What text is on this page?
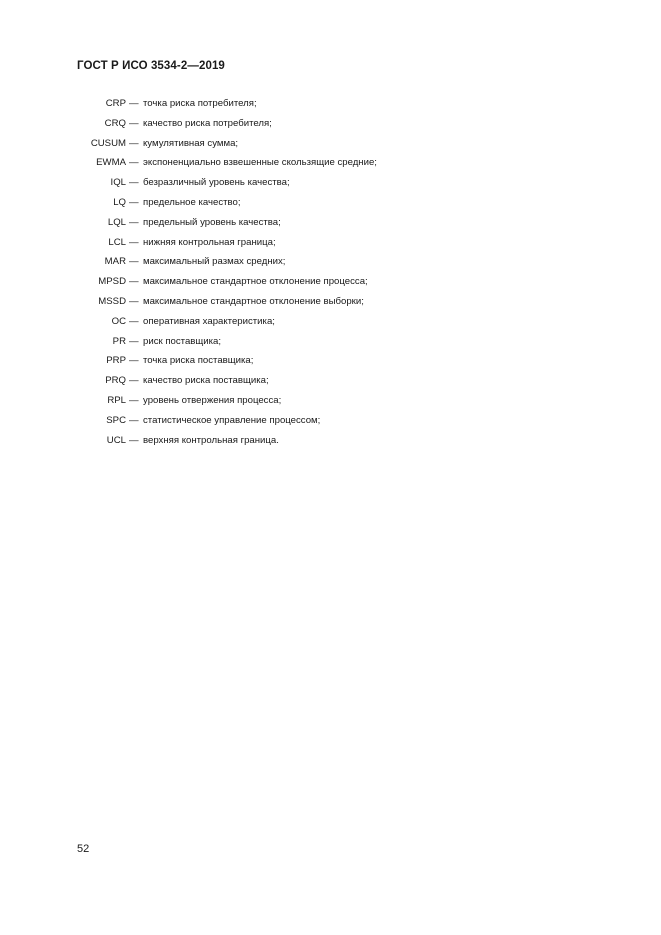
ГОСТ Р ИСО 3534-2—2019
CRP — точка риска потребителя;
CRQ — качество риска потребителя;
CUSUM — кумулятивная сумма;
EWMA — экспоненциально взвешенные скользящие средние;
IQL — безразличный уровень качества;
LQ — предельное качество;
LQL — предельный уровень качества;
LCL — нижняя контрольная граница;
MAR — максимальный размах средних;
MPSD — максимальное стандартное отклонение процесса;
MSSD — максимальное стандартное отклонение выборки;
OC — оперативная характеристика;
PR — риск поставщика;
PRP — точка риска поставщика;
PRQ — качество риска поставщика;
RPL — уровень отвержения процесса;
SPC — статистическое управление процессом;
UCL — верхняя контрольная граница.
52
